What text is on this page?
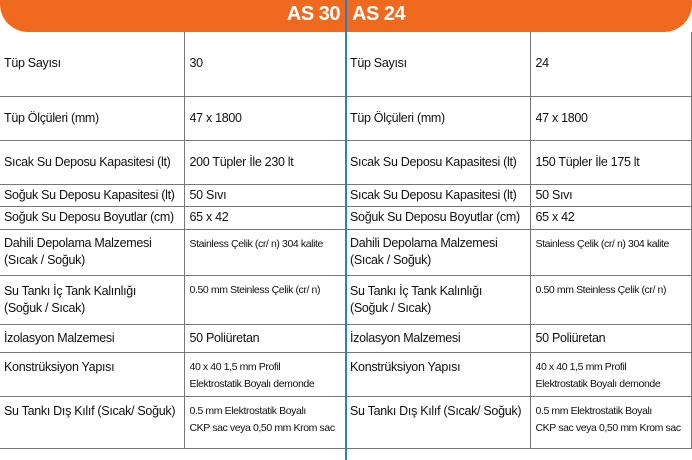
AS 30
Tüp Sayısı	30

Tüp Ölçüleri (mm)	47 x 1800

Sıcak Su Deposu Kapasitesi (lt)	200 Tüpler İle 230 lt

Soğuk Su Deposu Kapasitesi (lt)	50 Sıvı

Soğuk Su Deposu Boyutlar (cm)	65 x 42

Dahili Depolama Malzemesi
(Sıcak / Soğuk)	Stainless Çelik (cr/ n) 304 kalite

Su Tankı İç Tank Kalınlığı
(Soğuk / Sıcak)	0.50 mm Steinless Çelik (cr/ n)

İzolasyon Malzemesi	50 Poliüretan

Konstrüksiyon Yapısı	40 x 40 1,5 mm Profil
Elektrostatik Boyalı demonde

Su Tankı Dış Kılıf (Sıcak/ Soğuk)	0.5 mm Elektrostatik Boyalı
CKP sac veya 0,50 mm Krom sac
AS 24
Tüp Sayısı	24

Tüp Ölçüleri (mm)	47 x 1800

Sıcak Su Deposu Kapasitesi (lt)	150 Tüpler İle 175 lt

Sıcak Su Deposu Kapasitesi (lt)	50 Sıvı

Soğuk Su Deposu Boyutlar (cm)	65 x 42

Dahili Depolama Malzemesi
(Sıcak / Soğuk)	Stainless Çelik (cr/ n) 304 kalite

Su Tankı İç Tank Kalınlığı
(Soğuk / Sıcak)	0.50 mm Steinless Çelik (cr/ n)

İzolasyon Malzemesi	50 Poliüretan

Konstrüksiyon Yapısı	40 x 40 1,5 mm Profil
Elektrostatik Boyalı demonde

Su Tankı Dış Kılıf (Sıcak/ Soğuk)	0.5 mm Elektrostatik Boyalı
CKP sac veya 0,50 mm Krom sac
